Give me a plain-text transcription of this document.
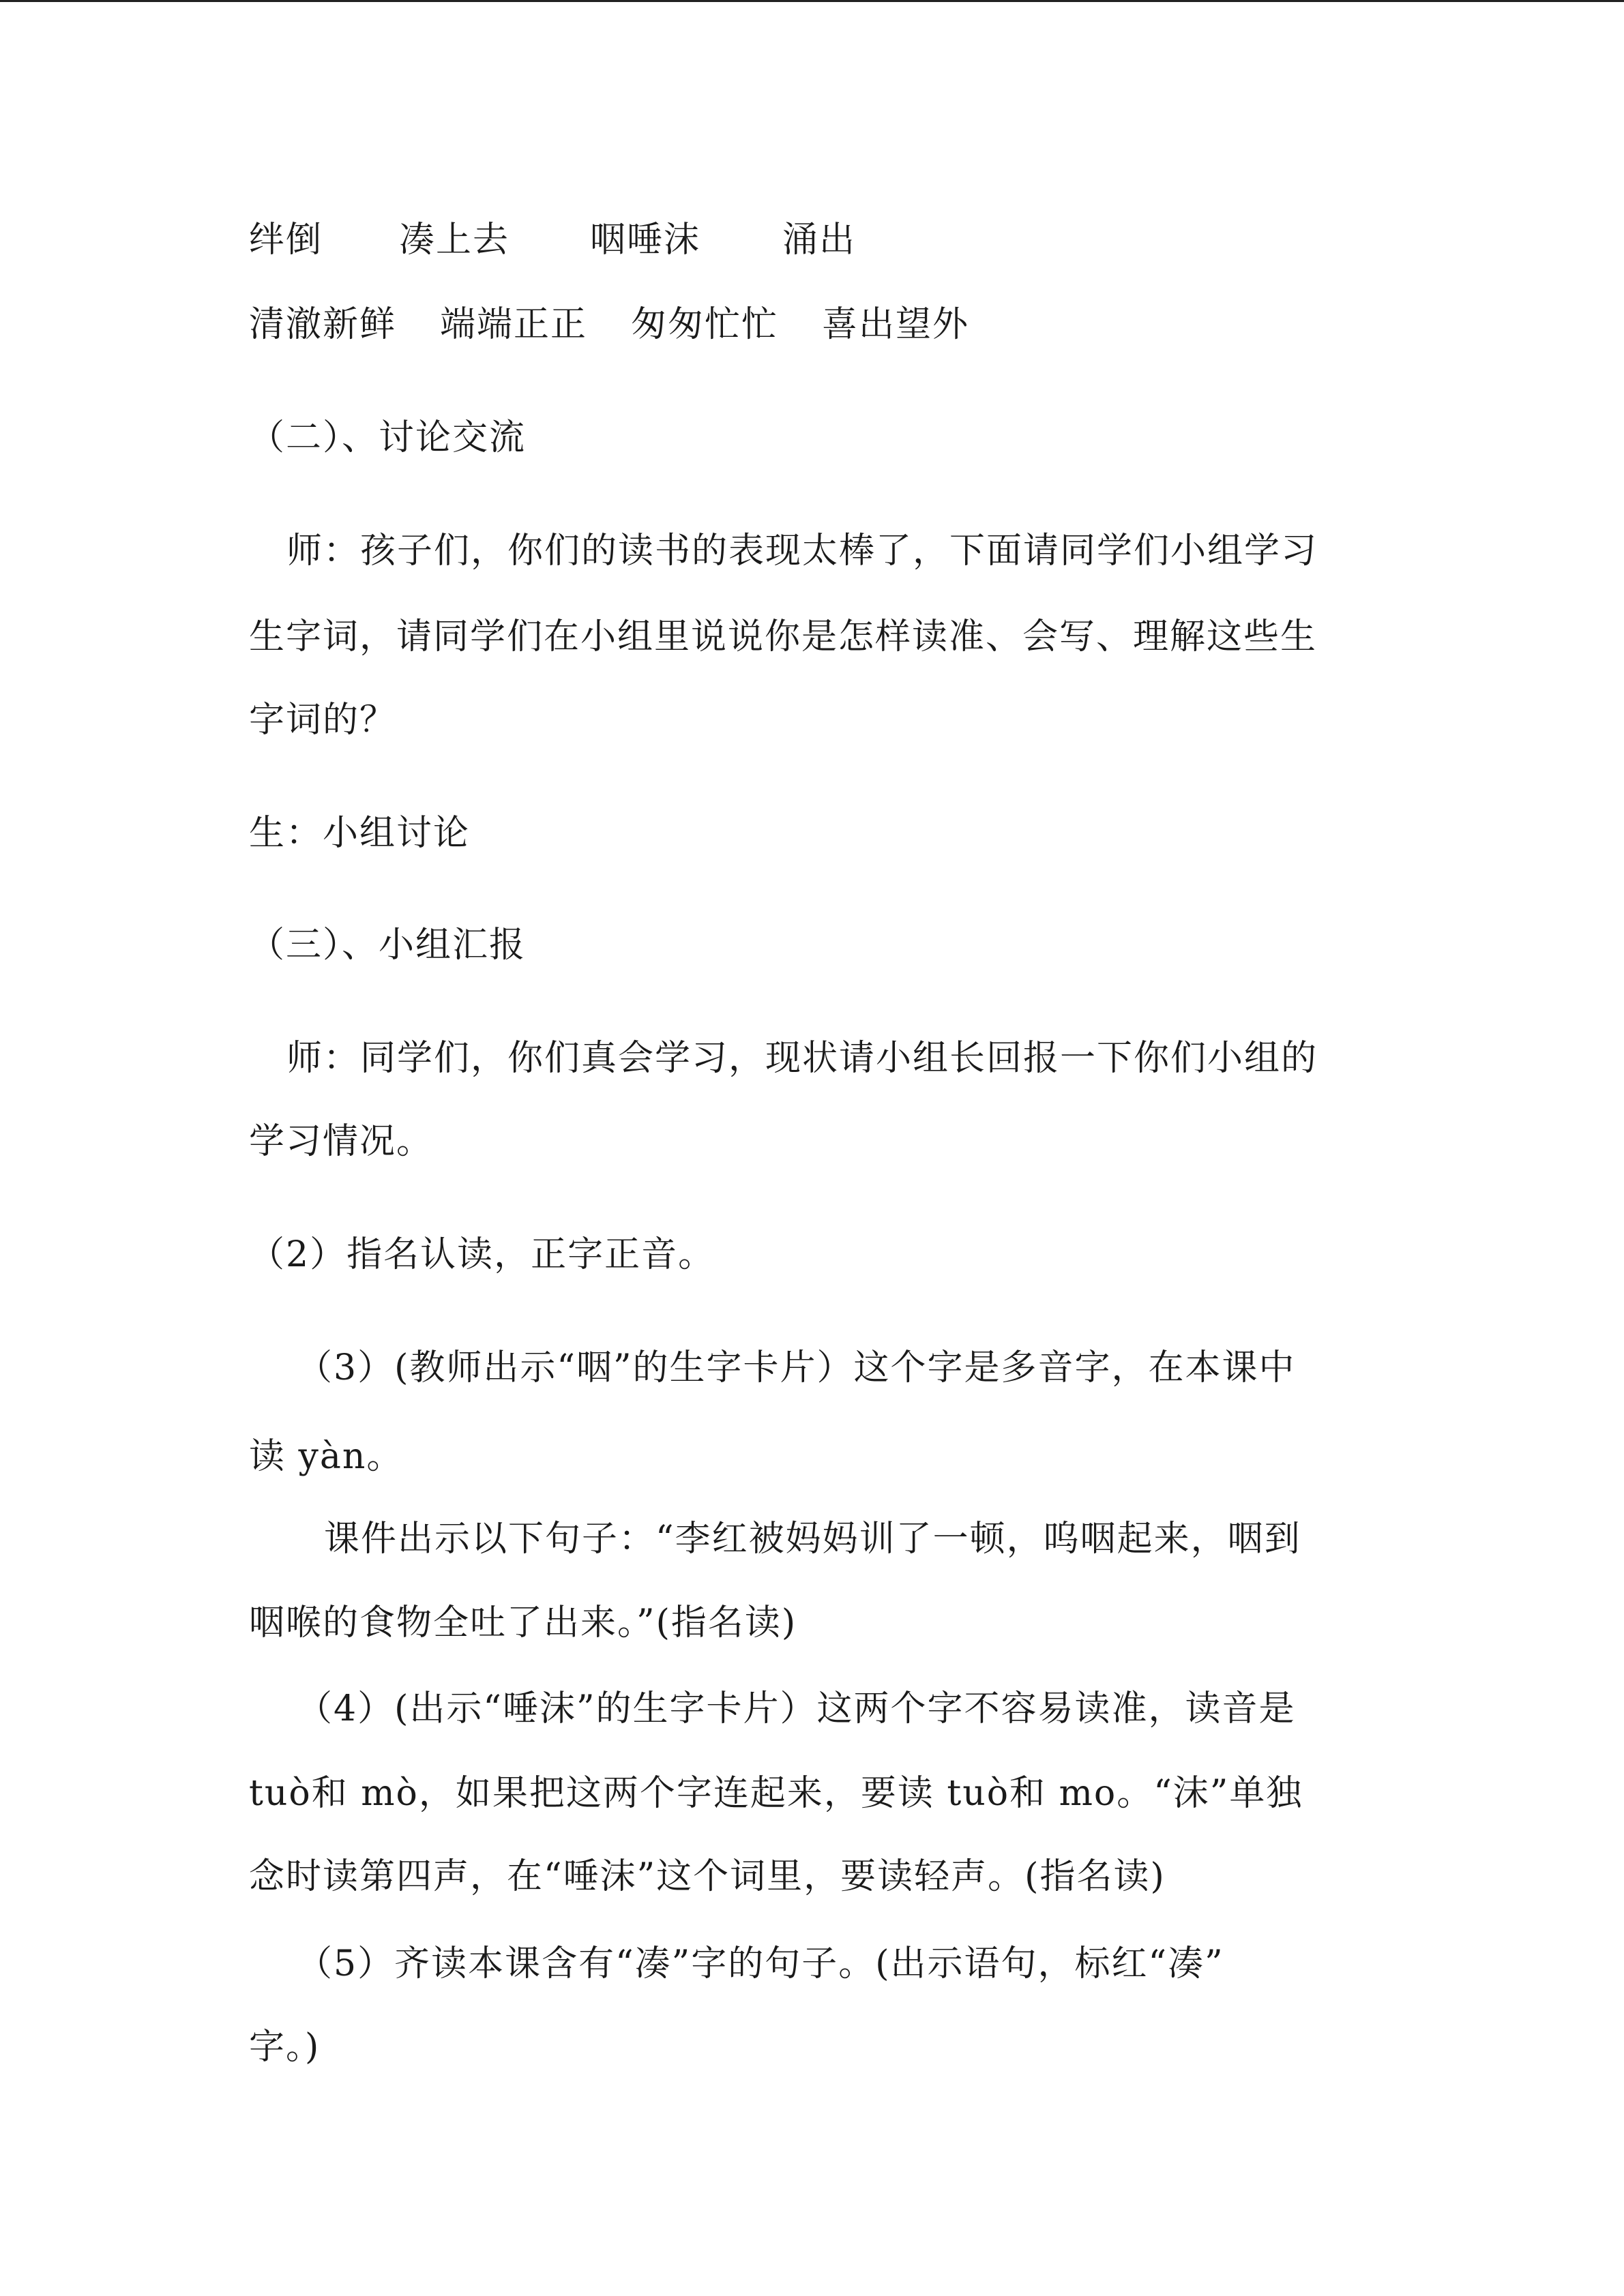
绊倒

凑上去

咽唾沫

涌出

清澈新鲜

端端正正

匆匆忙忙

喜出望外

（二）、讨论交流
师：孩子们，你们的读书的表现太棒了，下面请同学们小组学习
生字词，请同学们在小组里说说你是怎样读准、会写、理解这些生
字词的？
生：小组讨论
（三）、小组汇报
师：同学们，你们真会学习，现状请小组长回报一下你们小组的
学习情况。
（2）指名认读，正字正音。
（3）(教师出示“咽”的生字卡片）这个字是多音字，在本课中
读 yàn。
课件出示以下句子：“李红被妈妈训了一顿，呜咽起来，咽到
咽喉的食物全吐了出来。”(指名读)
（4）(出示“唾沫”的生字卡片）这两个字不容易读准，读音是
tuò和 mò，如果把这两个字连起来，要读 tuò和 mo。“沫”单独
念时读第四声，在“唾沫”这个词里，要读轻声。(指名读)
（5）齐读本课含有“凑”字的句子。(出示语句，标红“凑”
字。)
